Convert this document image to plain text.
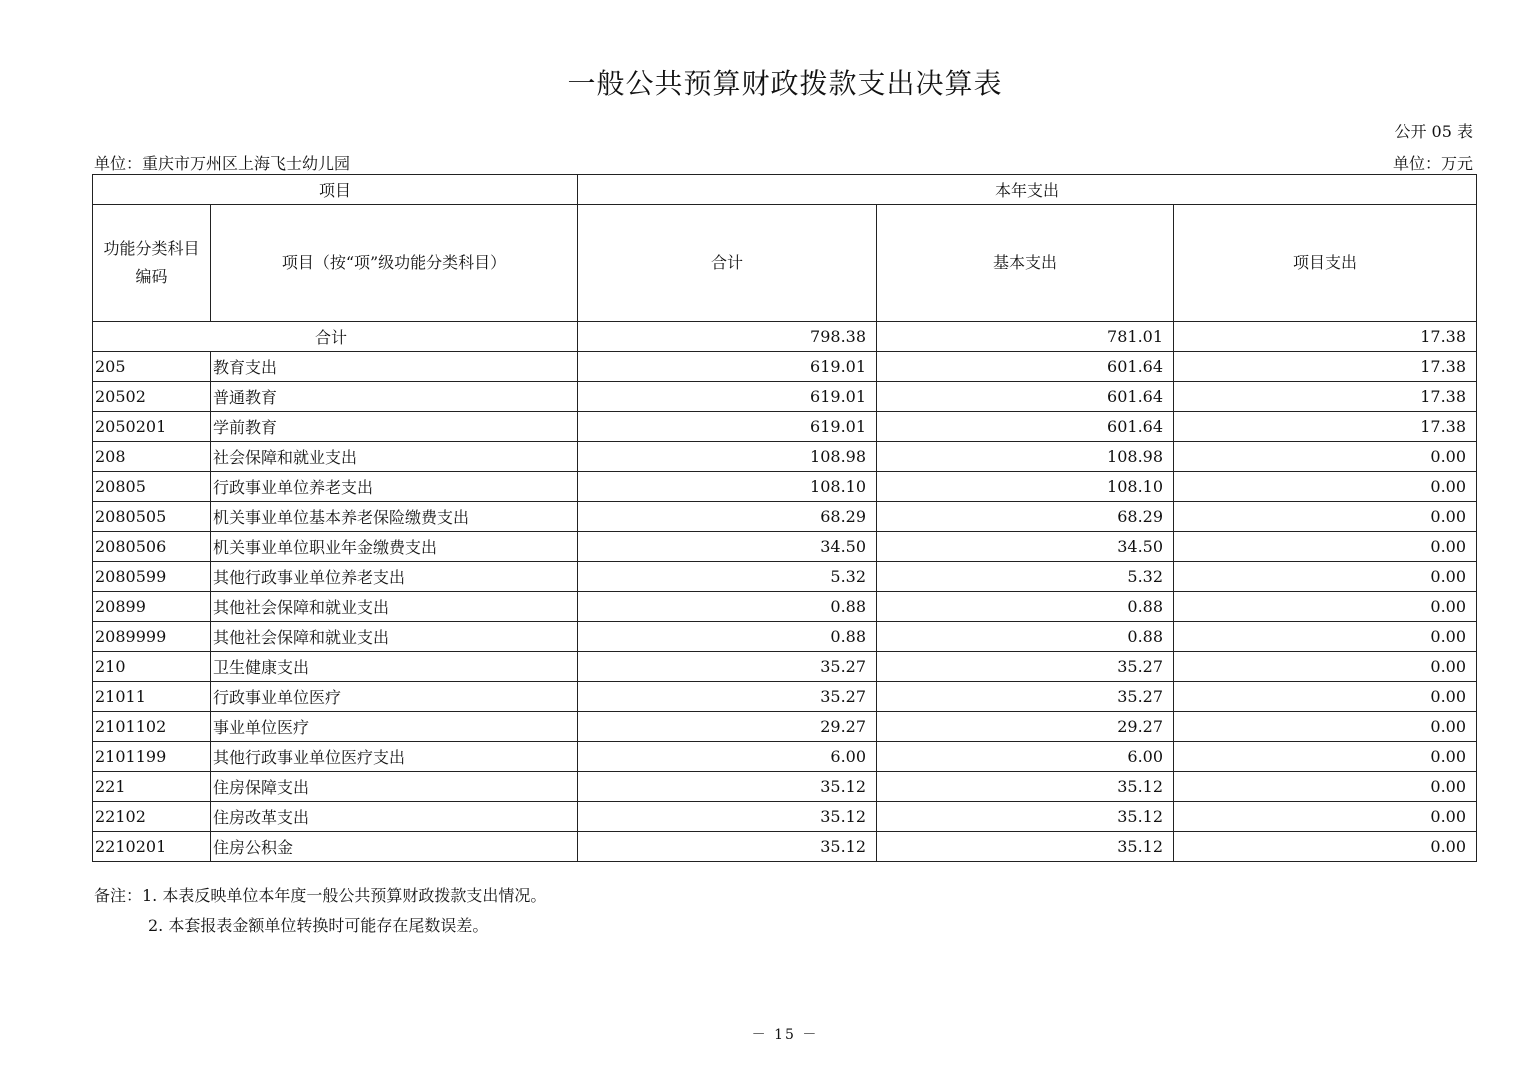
一般公共预算财政拨款支出决算表
公开 05 表
单位：重庆市万州区上海飞士幼儿园	单位：万元
项目		本年支出		
功能分类科目编码	项目（按“项”级功能分类科目）	合计	基本支出	项目支出
合计		798.38	781.01	17.38
205	教育支出	619.01	601.64	17.38
20502	普通教育	619.01	601.64	17.38
2050201	学前教育	619.01	601.64	17.38
208	社会保障和就业支出	108.98	108.98	0.00
20805	行政事业单位养老支出	108.10	108.10	0.00
2080505	机关事业单位基本养老保险缴费支出	68.29	68.29	0.00
2080506	机关事业单位职业年金缴费支出	34.50	34.50	0.00
2080599	其他行政事业单位养老支出	5.32	5.32	0.00
20899	其他社会保障和就业支出	0.88	0.88	0.00
2089999	其他社会保障和就业支出	0.88	0.88	0.00
210	卫生健康支出	35.27	35.27	0.00
21011	行政事业单位医疗	35.27	35.27	0.00
2101102	事业单位医疗	29.27	29.27	0.00
2101199	其他行政事业单位医疗支出	6.00	6.00	0.00
221	住房保障支出	35.12	35.12	0.00
22102	住房改革支出	35.12	35.12	0.00
2210201	住房公积金	35.12	35.12	0.00
备注：1. 本表反映单位本年度一般公共预算财政拨款支出情况。
2. 本套报表金额单位转换时可能存在尾数误差。
－ 15 －
